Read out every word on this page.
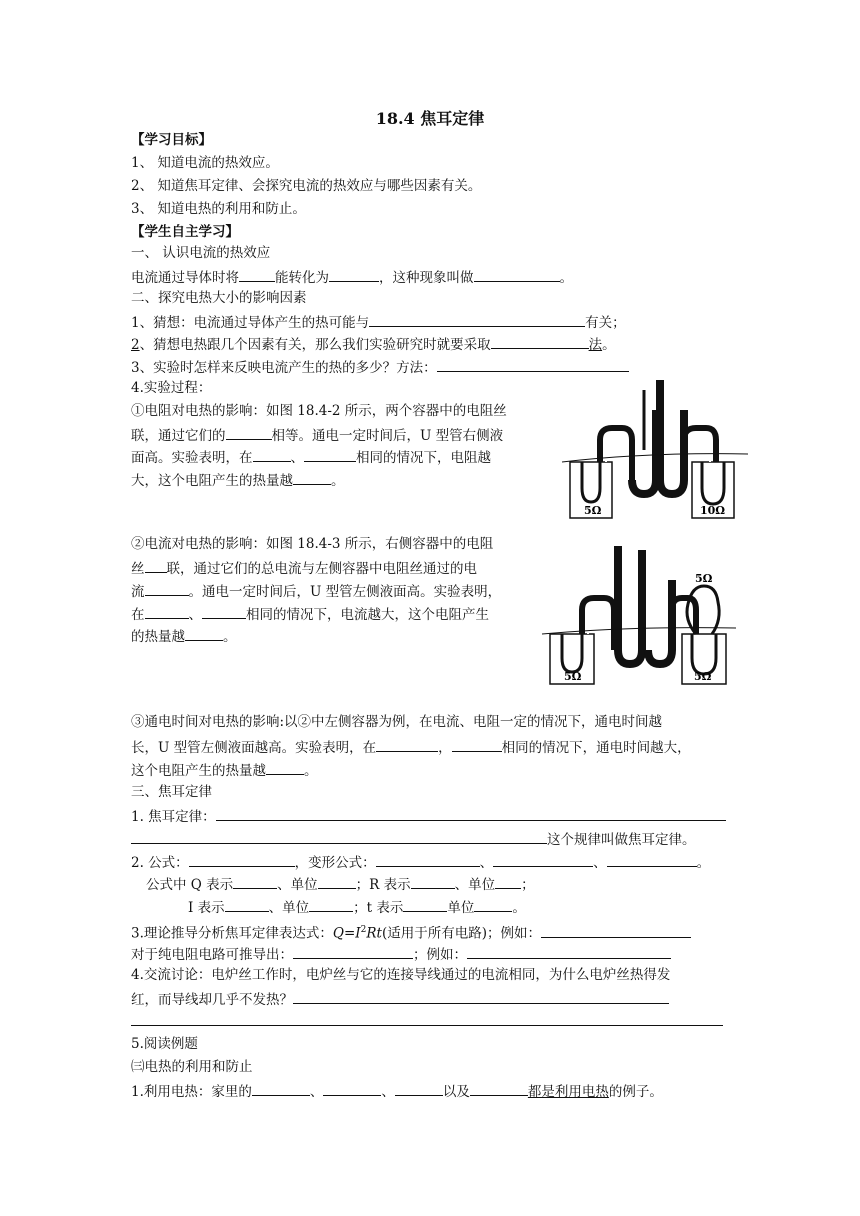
18.4 焦耳定律
【学习目标】
1、 知道电流的热效应。
2、 知道焦耳定律、会探究电流的热效应与哪些因素有关。
3、 知道电热的利用和防止。
【学生自主学习】
一、 认识电流的热效应
电流通过导体时将	能转化为	，这种现象叫做	。
二、探究电热大小的影响因素
1、猜想：电流通过导体产生的热可能与	有关；
2、猜想电热跟几个因素有关，那么我们实验研究时就要采取	法。
3、实验时怎样来反映电流产生的热的多少？方法：
4.实验过程：
①电阻对电热的影响：如图 18.4-2 所示，两个容器中的电阻丝
联，通过它们的	相等。通电一定时间后，U 型管右侧液
面高。实验表明，在	、	相同的情况下，电阻越
大，这个电阻产生的热量越	。
②电流对电热的影响：如图 18.4-3 所示，右侧容器中的电阻
丝 联，通过它们的总电流与左侧容器中电阻丝通过的电
流	。通电一定时间后，U 型管左侧液面高。实验表明，
在	、	相同的情况下，电流越大，这个电阻产生
的热量越	。
③通电时间对电热的影响:以②中左侧容器为例，在电流、电阻一定的情况下，通电时间越
长，U 型管左侧液面越高。实验表明，在	，	相同的情况下，通电时间越大，
这个电阻产生的热量越	。
三、焦耳定律
1. 焦耳定律：
这个规律叫做焦耳定律。
2. 公式：	，变形公式：	、	、	。
公式中 Q 表示	、单位	；R 表示	、单位 ；
I 表示	、单位	；t 表示	单位	。
3.理论推导分析焦耳定律表达式：$Q=I^2Rt$(适用于所有电路)；例如：
对于纯电阻电路可推导出：	；例如：
4.交流讨论：电炉丝工作时，电炉丝与它的连接导线通过的电流相同，为什么电炉丝热得发
红，而导线却几乎不发热？
5.阅读例题
㈢电热的利用和防止
1.利用电热：家里的	、	、	以及	都是利用电热的例子。
5Ω	10Ω
5Ω
5Ω	5Ω
